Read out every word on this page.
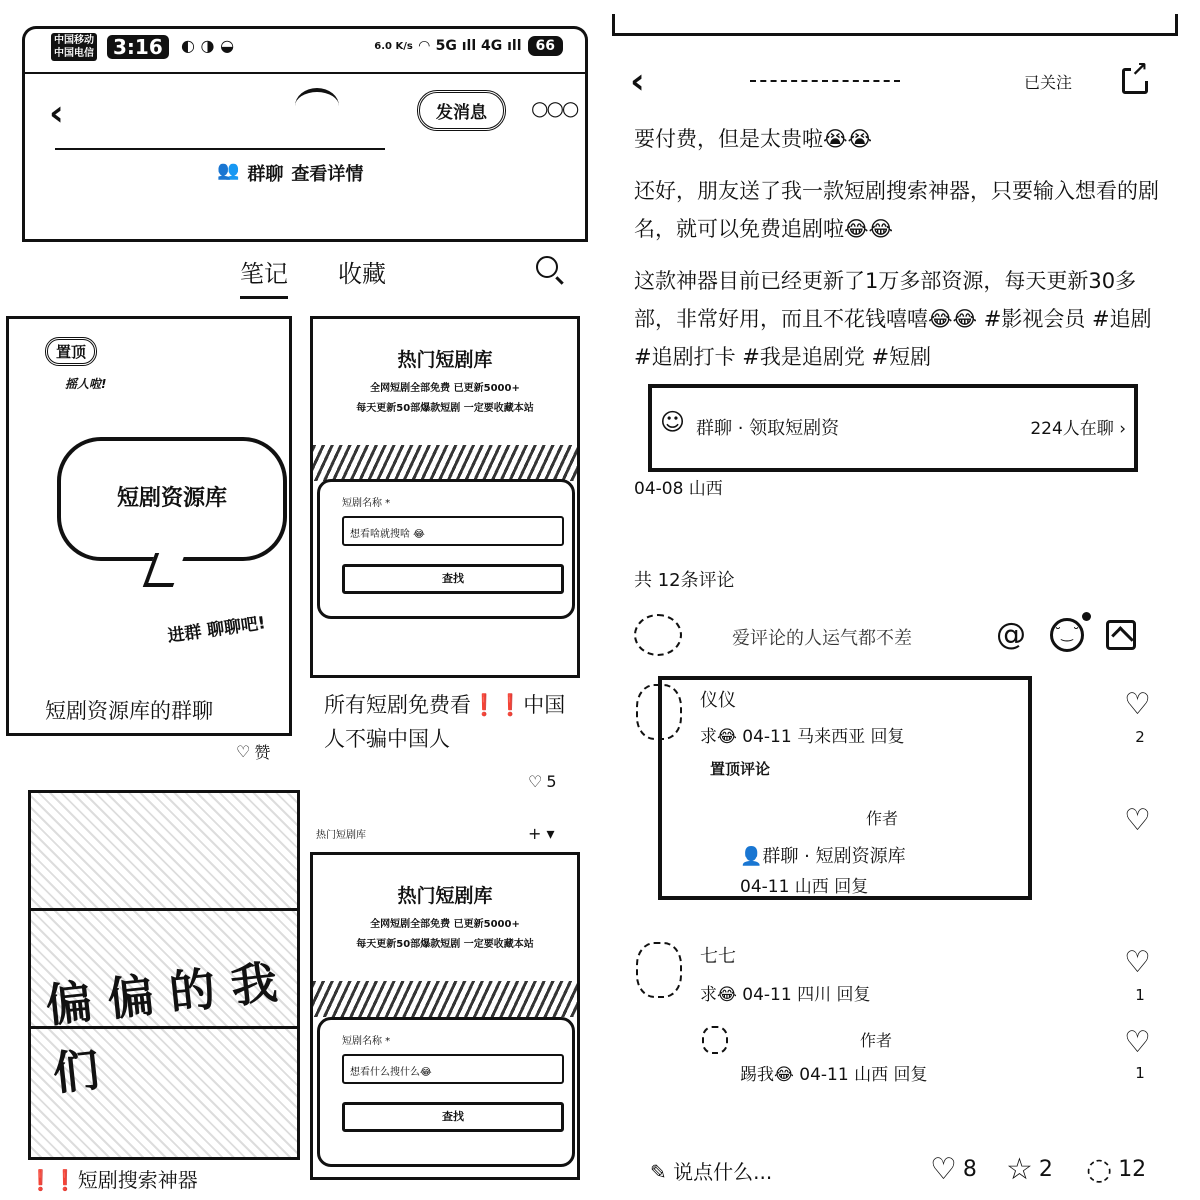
中国移动
中国电信 3:16	◐ ◑ ◒	6.0 K/s ◠ 5G ıll 4G ıll	66
‹	发消息	○○○
👥 群聊 查看详情
笔记 收藏
置顶
摇人啦!
短剧资源库
进群 聊聊吧!
短剧资源库的群聊
♡ 赞
热门短剧库
全网短剧全部免费 已更新5000+
每天更新50部爆款短剧 一定要收藏本站
短剧名称 *
想看啥就搜啥 😂
查找
所有短剧免费看❗❗中国人不骗中国人
♡ 5
偏 偏 的 我们
❗❗短剧搜索神器
热门短剧库	+ ▾
热门短剧库
全网短剧全部免费 已更新5000+
每天更新50部爆款短剧 一定要收藏本站
短剧名称 *
想看什么搜什么😂
查找
‹	已关注
↗
要付费，但是太贵啦😭😭
还好，朋友送了我一款短剧搜索神器，只要输入想看的剧名，就可以免费追剧啦😂😂
这款神器目前已经更新了1万多部资源，每天更新30多部，非常好用，而且不花钱嘻嘻😂😂 #影视会员 #追剧 #追剧打卡 #我是追剧党 #短剧
☺ 群聊 · 领取短剧资	224人在聊 ›
04-08 山西
共 12条评论
爱评论的人运气都不差	@	˘‿˘
仪仪
求😂 04-11 马来西亚 回复
置顶评论
♡
2
作者
👤群聊 · 短剧资源库
04-11 山西 回复
♡
七七
求😂 04-11 四川 回复
♡
1
作者
踢我😂 04-11 山西 回复
♡
1
✎ 说点什么...	♡ 8 ☆ 2 ◌ 12
